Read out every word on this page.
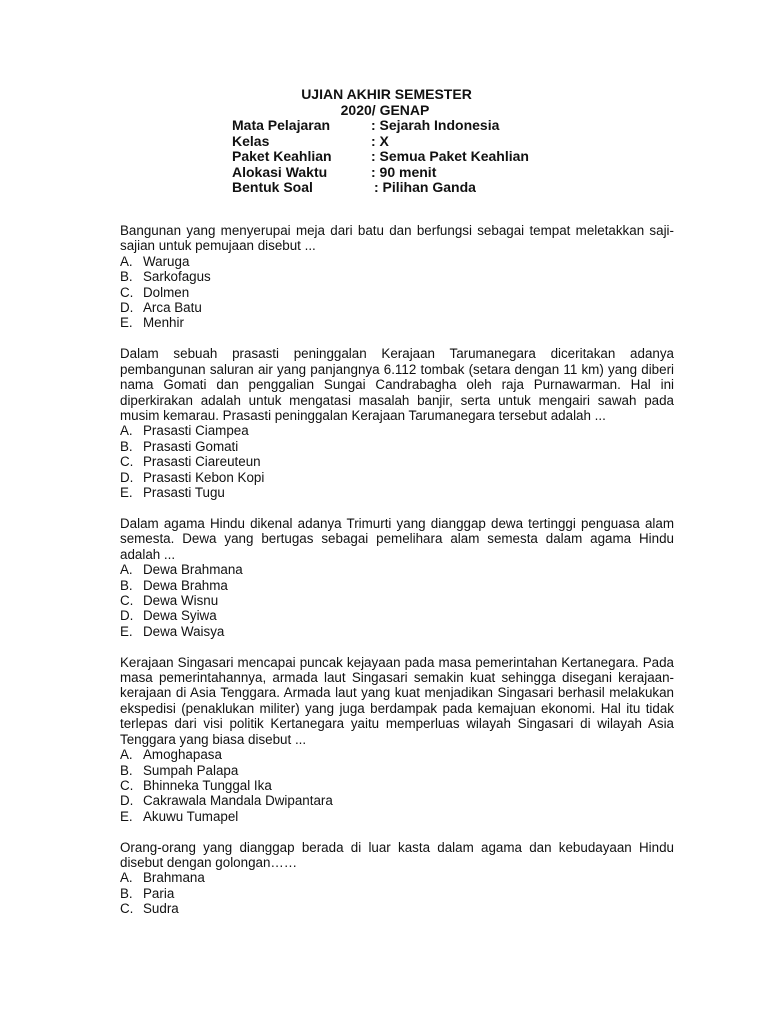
UJIAN AKHIR SEMESTER
2020/ GENAP
Mata Pelajaran	: Sejarah Indonesia
Kelas	: X
Paket Keahlian	: Semua Paket Keahlian
Alokasi Waktu	: 90 menit
Bentuk Soal	: Pilihan Ganda
Bangunan yang menyerupai meja dari batu dan berfungsi sebagai tempat meletakkan saji-sajian untuk pemujaan disebut ...
A. Waruga
B. Sarkofagus
C. Dolmen
D. Arca Batu
E. Menhir
Dalam sebuah prasasti peninggalan Kerajaan Tarumanegara diceritakan adanya pembangunan saluran air yang panjangnya 6.112 tombak (setara dengan 11 km) yang diberi nama Gomati dan penggalian Sungai Candrabagha oleh raja Purnawarman. Hal ini diperkirakan adalah untuk mengatasi masalah banjir, serta untuk mengairi sawah pada musim kemarau. Prasasti peninggalan Kerajaan Tarumanegara tersebut adalah ...
A. Prasasti Ciampea
B. Prasasti Gomati
C. Prasasti Ciareuteun
D. Prasasti Kebon Kopi
E. Prasasti Tugu
Dalam agama Hindu dikenal adanya Trimurti yang dianggap dewa tertinggi penguasa alam semesta. Dewa yang bertugas sebagai pemelihara alam semesta dalam agama Hindu adalah ...
A. Dewa Brahmana
B. Dewa Brahma
C. Dewa Wisnu
D. Dewa Syiwa
E. Dewa Waisya
Kerajaan Singasari mencapai puncak kejayaan pada masa pemerintahan Kertanegara. Pada masa pemerintahannya, armada laut Singasari semakin kuat sehingga disegani kerajaan-kerajaan di Asia Tenggara. Armada laut yang kuat menjadikan Singasari berhasil melakukan ekspedisi (penaklukan militer) yang juga berdampak pada kemajuan ekonomi. Hal itu tidak terlepas dari visi politik Kertanegara yaitu memperluas wilayah Singasari di wilayah Asia Tenggara yang biasa disebut ...
A. Amoghapasa
B. Sumpah Palapa
C. Bhinneka Tunggal Ika
D. Cakrawala Mandala Dwipantara
E. Akuwu Tumapel
Orang-orang yang dianggap berada di luar kasta dalam agama dan kebudayaan Hindu disebut dengan golongan……
A. Brahmana
B. Paria
C. Sudra
